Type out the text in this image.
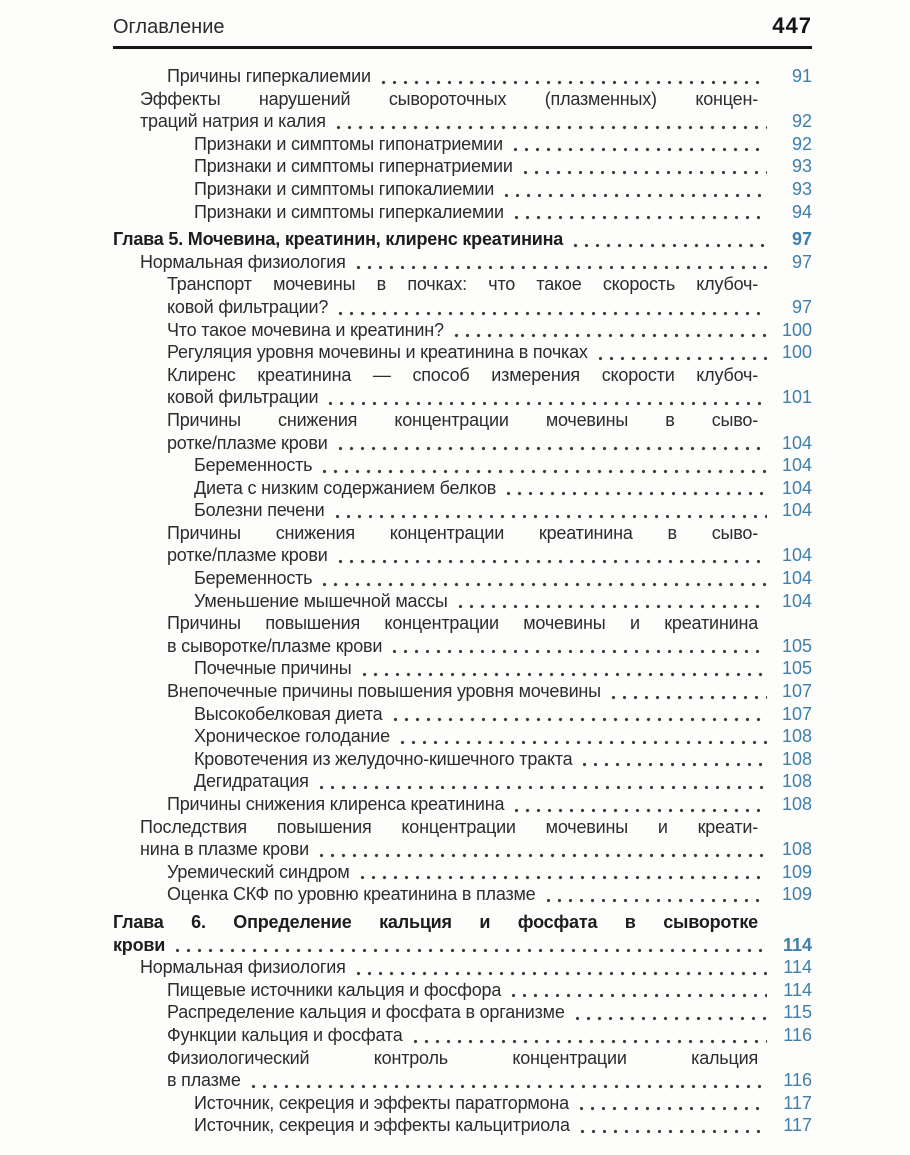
Оглавление	447
Причины гиперкалиемии	91
Эффекты нарушений сывороточных (плазменных) концен-
траций натрия и калия	92
Признаки и симптомы гипонатриемии	92
Признаки и симптомы гипернатриемии	93
Признаки и симптомы гипокалиемии	93
Признаки и симптомы гиперкалиемии	94
Глава 5. Мочевина, креатинин, клиренс креатинина	97
Нормальная физиология	97
Транспорт мочевины в почках: что такое скорость клубоч-
ковой фильтрации?	97
Что такое мочевина и креатинин?	100
Регуляция уровня мочевины и креатинина в почках	100
Клиренс креатинина — способ измерения скорости клубоч-
ковой фильтрации	101
Причины снижения концентрации мочевины в сыво-
ротке/плазме крови	104
Беременность	104
Диета с низким содержанием белков	104
Болезни печени	104
Причины снижения концентрации креатинина в сыво-
ротке/плазме крови	104
Беременность	104
Уменьшение мышечной массы	104
Причины повышения концентрации мочевины и креатинина
в сыворотке/плазме крови	105
Почечные причины	105
Внепочечные причины повышения уровня мочевины	107
Высокобелковая диета	107
Хроническое голодание	108
Кровотечения из желудочно-кишечного тракта	108
Дегидратация	108
Причины снижения клиренса креатинина	108
Последствия повышения концентрации мочевины и креати-
нина в плазме крови	108
Уремический синдром	109
Оценка СКФ по уровню креатинина в плазме	109
Глава 6. Определение кальция и фосфата в сыворотке
крови	114
Нормальная физиология	114
Пищевые источники кальция и фосфора	114
Распределение кальция и фосфата в организме	115
Функции кальция и фосфата	116
Физиологический контроль концентрации кальция
в плазме	116
Источник, секреция и эффекты паратгормона	117
Источник, секреция и эффекты кальцитриола	117
